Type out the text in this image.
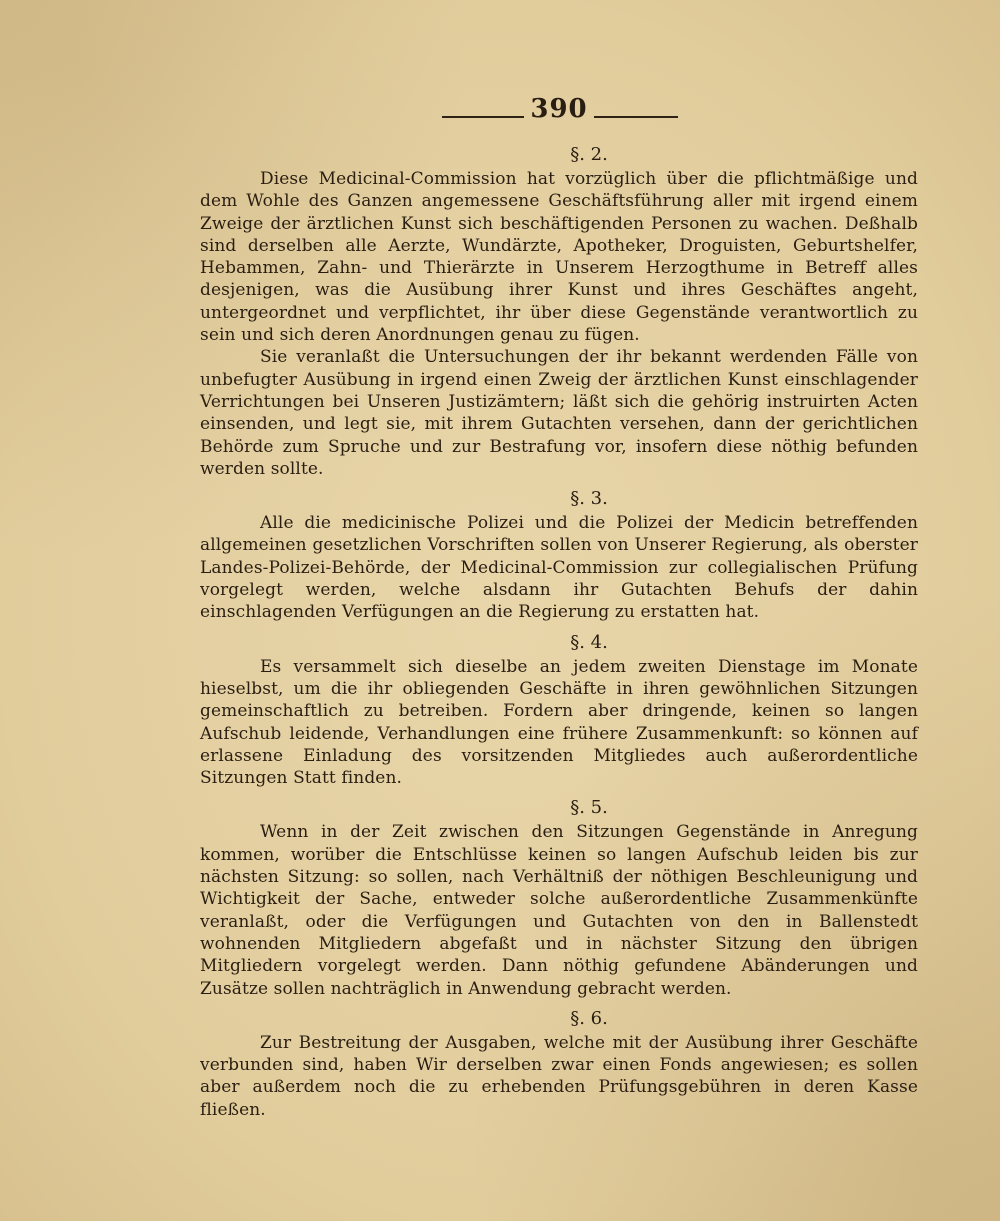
390
§. 2.

Diese Medicinal-Commission hat vorzüglich über die pflichtmäßige und dem Wohle des Ganzen angemessene Geschäftsführung aller mit irgend einem Zweige der ärztlichen Kunst sich beschäftigenden Personen zu wachen. Deßhalb sind derselben alle Aerzte, Wundärzte, Apotheker, Droguisten, Geburtshelfer, Hebammen, Zahn- und Thierärzte in Unserem Herzogthume in Betreff alles desjenigen, was die Ausübung ihrer Kunst und ihres Geschäftes angeht, untergeordnet und verpflichtet, ihr über diese Gegenstände verantwortlich zu sein und sich deren Anordnungen genau zu fügen.

Sie veranlaßt die Untersuchungen der ihr bekannt werdenden Fälle von unbefugter Ausübung in irgend einen Zweig der ärztlichen Kunst einschlagender Verrichtungen bei Unseren Justizämtern; läßt sich die gehörig instruirten Acten einsenden, und legt sie, mit ihrem Gutachten versehen, dann der gerichtlichen Behörde zum Spruche und zur Bestrafung vor, insofern diese nöthig befunden werden sollte.

§. 3.

Alle die medicinische Polizei und die Polizei der Medicin betreffenden allgemeinen gesetzlichen Vorschriften sollen von Unserer Regierung, als oberster Landes-Polizei-Behörde, der Medicinal-Commission zur collegialischen Prüfung vorgelegt werden, welche alsdann ihr Gutachten Behufs der dahin einschlagenden Verfügungen an die Regierung zu erstatten hat.

§. 4.

Es versammelt sich dieselbe an jedem zweiten Dienstage im Monate hieselbst, um die ihr obliegenden Geschäfte in ihren gewöhnlichen Sitzungen gemeinschaftlich zu betreiben. Fordern aber dringende, keinen so langen Aufschub leidende, Verhandlungen eine frühere Zusammenkunft: so können auf erlassene Einladung des vorsitzenden Mitgliedes auch außerordentliche Sitzungen Statt finden.

§. 5.

Wenn in der Zeit zwischen den Sitzungen Gegenstände in Anregung kommen, worüber die Entschlüsse keinen so langen Aufschub leiden bis zur nächsten Sitzung: so sollen, nach Verhältniß der nöthigen Beschleunigung und Wichtigkeit der Sache, entweder solche außerordentliche Zusammenkünfte veranlaßt, oder die Verfügungen und Gutachten von den in Ballenstedt wohnenden Mitgliedern abgefaßt und in nächster Sitzung den übrigen Mitgliedern vorgelegt werden. Dann nöthig gefundene Abänderungen und Zusätze sollen nachträglich in Anwendung gebracht werden.

§. 6.

Zur Bestreitung der Ausgaben, welche mit der Ausübung ihrer Geschäfte verbunden sind, haben Wir derselben zwar einen Fonds angewiesen; es sollen aber außerdem noch die zu erhebenden Prüfungsgebühren in deren Kasse fließen.
